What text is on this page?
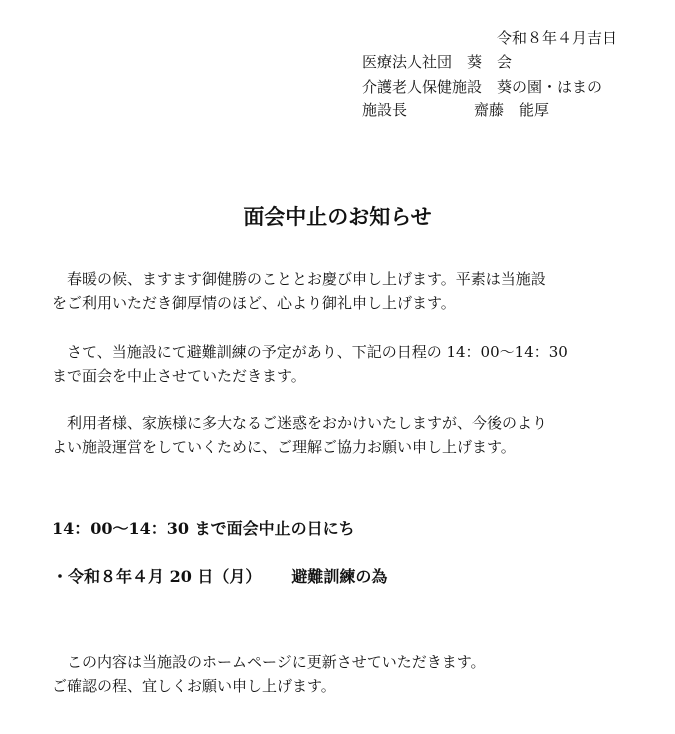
令和８年４月吉日
医療法人社団　葵　会
介護老人保健施設　葵の園・はまの
施設長	齋藤　能厚
面会中止のお知らせ

　春暖の候、ますます御健勝のこととお慶び申し上げます。平素は当施設

をご利用いただき御厚情のほど、心より御礼申し上げます。

　さて、当施設にて避難訓練の予定があり、下記の日程の 14：00～14：30

まで面会を中止させていただきます。

　利用者様、家族様に多大なるご迷惑をおかけいたしますが、今後のより

よい施設運営をしていくために、ご理解ご協力お願い申し上げます。

14：00～14：30 まで面会中止の日にち
・令和８年４月 20 日（月） 避難訓練の為
　この内容は当施設のホームページに更新させていただきます。
ご確認の程、宜しくお願い申し上げます。
